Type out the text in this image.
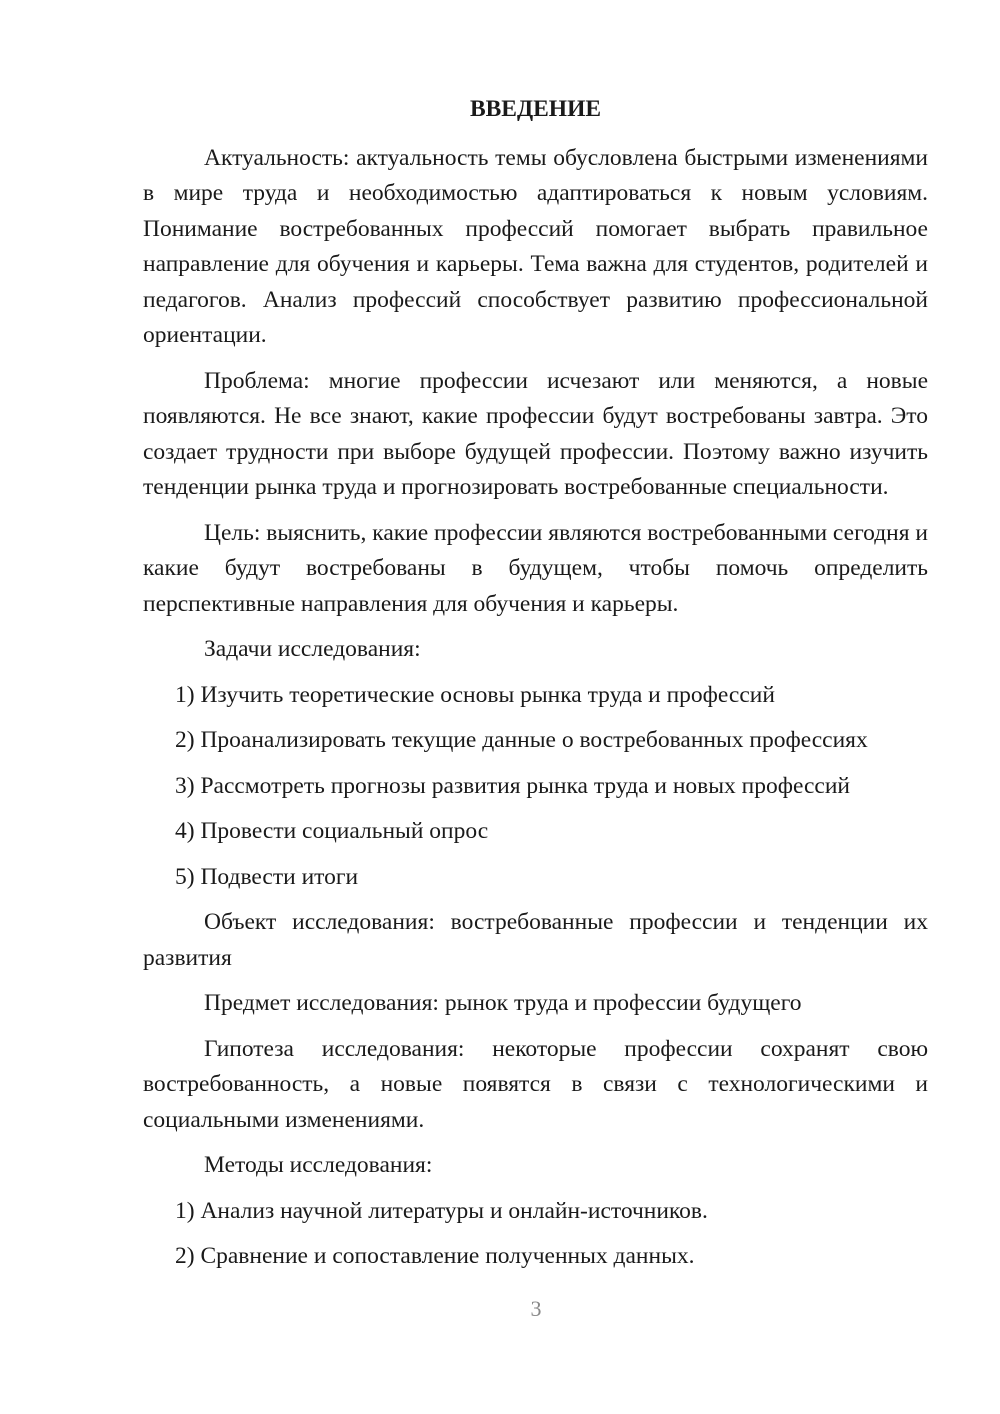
ВВЕДЕНИЕ

Актуальность: актуальность темы обусловлена быстрыми изменениями в мире труда и необходимостью адаптироваться к новым условиям. Понимание востребованных профессий помогает выбрать правильное направление для обучения и карьеры. Тема важна для студентов, родителей и педагогов. Анализ профессий способствует развитию профессиональной ориентации.

Проблема: многие профессии исчезают или меняются, а новые появляются. Не все знают, какие профессии будут востребованы завтра. Это создает трудности при выборе будущей профессии. Поэтому важно изучить тенденции рынка труда и прогнозировать востребованные специальности.

Цель: выяснить, какие профессии являются востребованными сегодня и какие будут востребованы в будущем, чтобы помочь определить перспективные направления для обучения и карьеры.

Задачи исследования:

1) Изучить теоретические основы рынка труда и профессий

2) Проанализировать текущие данные о востребованных профессиях

3) Рассмотреть прогнозы развития рынка труда и новых профессий

4) Провести социальный опрос

5) Подвести итоги

Объект исследования: востребованные профессии и тенденции их развития

Предмет исследования: рынок труда и профессии будущего

Гипотеза исследования: некоторые профессии сохранят свою востребованность, а новые появятся в связи с технологическими и социальными изменениями.

Методы исследования:

1) Анализ научной литературы и онлайн-источников.

2) Сравнение и сопоставление полученных данных.

3
